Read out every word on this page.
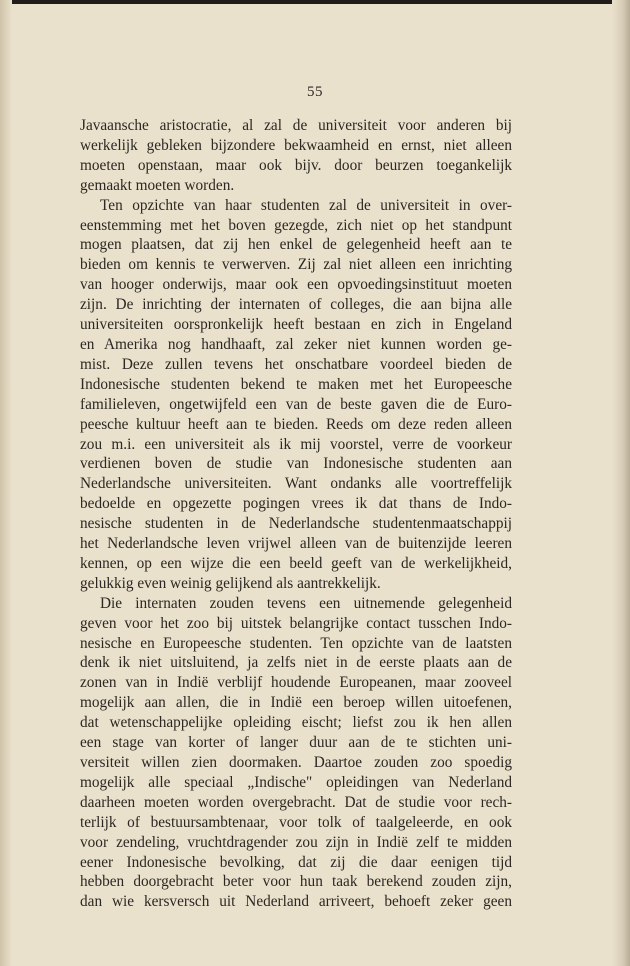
55

Javaansche aristocratie, al zal de universiteit voor anderen bij

werkelijk gebleken bijzondere bekwaamheid en ernst, niet alleen

moeten openstaan, maar ook bijv. door beurzen toegankelijk

gemaakt moeten worden.

Ten opzichte van haar studenten zal de universiteit in over-

eenstemming met het boven gezegde, zich niet op het standpunt

mogen plaatsen, dat zij hen enkel de gelegenheid heeft aan te

bieden om kennis te verwerven. Zij zal niet alleen een inrichting

van hooger onderwijs, maar ook een opvoedingsinstituut moeten

zijn. De inrichting der internaten of colleges, die aan bijna alle

universiteiten oorspronkelijk heeft bestaan en zich in Engeland

en Amerika nog handhaaft, zal zeker niet kunnen worden ge-

mist. Deze zullen tevens het onschatbare voordeel bieden de

Indonesische studenten bekend te maken met het Europeesche

familieleven, ongetwijfeld een van de beste gaven die de Euro-

peesche kultuur heeft aan te bieden. Reeds om deze reden alleen

zou m.i. een universiteit als ik mij voorstel, verre de voorkeur

verdienen boven de studie van Indonesische studenten aan

Nederlandsche universiteiten. Want ondanks alle voortreffelijk

bedoelde en opgezette pogingen vrees ik dat thans de Indo-

nesische studenten in de Nederlandsche studentenmaatschappij

het Nederlandsche leven vrijwel alleen van de buitenzijde leeren

kennen, op een wijze die een beeld geeft van de werkelijkheid,

gelukkig even weinig gelijkend als aantrekkelijk.

Die internaten zouden tevens een uitnemende gelegenheid

geven voor het zoo bij uitstek belangrijke contact tusschen Indo-

nesische en Europeesche studenten. Ten opzichte van de laatsten

denk ik niet uitsluitend, ja zelfs niet in de eerste plaats aan de

zonen van in Indië verblijf houdende Europeanen, maar zooveel

mogelijk aan allen, die in Indië een beroep willen uitoefenen,

dat wetenschappelijke opleiding eischt; liefst zou ik hen allen

een stage van korter of langer duur aan de te stichten uni-

versiteit willen zien doormaken. Daartoe zouden zoo spoedig

mogelijk alle speciaal „Indische" opleidingen van Nederland

daarheen moeten worden overgebracht. Dat de studie voor rech-

terlijk of bestuursambtenaar, voor tolk of taalgeleerde, en ook

voor zendeling, vruchtdragender zou zijn in Indië zelf te midden

eener Indonesische bevolking, dat zij die daar eenigen tijd

hebben doorgebracht beter voor hun taak berekend zouden zijn,

dan wie kersversch uit Nederland arriveert, behoeft zeker geen
